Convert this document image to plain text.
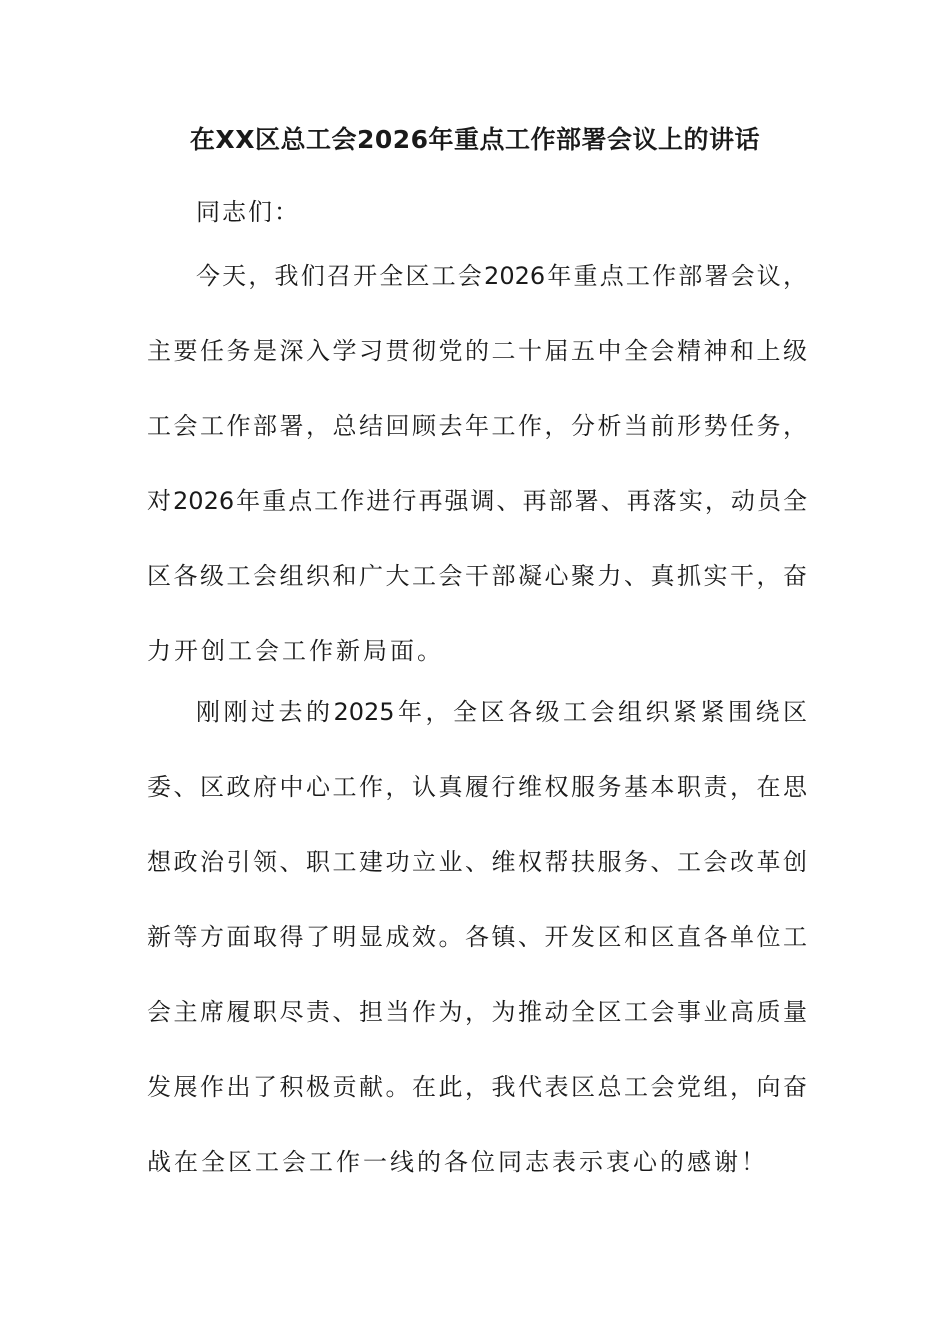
在XX区总工会2026年重点工作部署会议上的讲话
同志们：
今天，我们召开全区工会2026年重点工作部署会议，
主要任务是深入学习贯彻党的二十届五中全会精神和上级
工会工作部署，总结回顾去年工作，分析当前形势任务，
对2026年重点工作进行再强调、再部署、再落实，动员全
区各级工会组织和广大工会干部凝心聚力、真抓实干，奋
力开创工会工作新局面。
刚刚过去的2025年，全区各级工会组织紧紧围绕区
委、区政府中心工作，认真履行维权服务基本职责，在思
想政治引领、职工建功立业、维权帮扶服务、工会改革创
新等方面取得了明显成效。各镇、开发区和区直各单位工
会主席履职尽责、担当作为，为推动全区工会事业高质量
发展作出了积极贡献。在此，我代表区总工会党组，向奋
战在全区工会工作一线的各位同志表示衷心的感谢！
